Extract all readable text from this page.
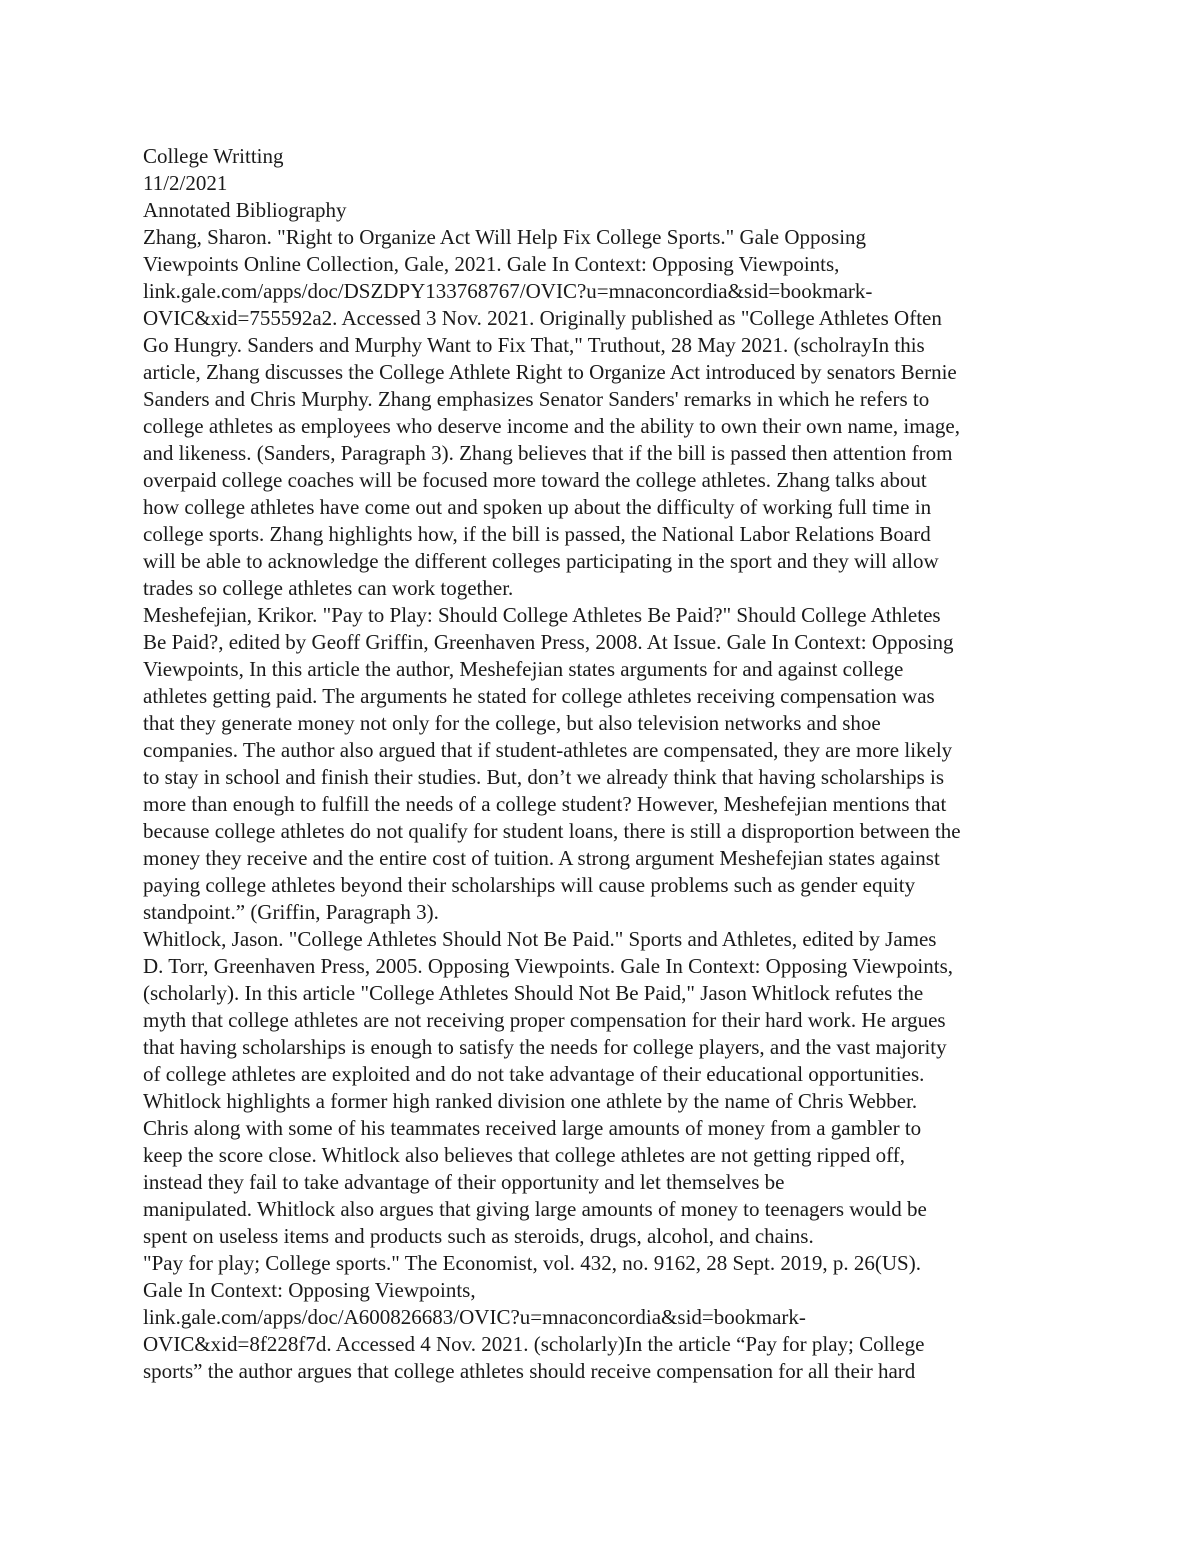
College Writting
11/2/2021
Annotated Bibliography
Zhang, Sharon. "Right to Organize Act Will Help Fix College Sports." Gale Opposing
Viewpoints Online Collection, Gale, 2021. Gale In Context: Opposing Viewpoints,
link.gale.com/apps/doc/DSZDPY133768767/OVIC?u=mnaconcordia&sid=bookmark-
OVIC&xid=755592a2. Accessed 3 Nov. 2021. Originally published as "College Athletes Often
Go Hungry. Sanders and Murphy Want to Fix That," Truthout, 28 May 2021. (scholrayIn this
article, Zhang discusses the College Athlete Right to Organize Act introduced by senators Bernie
Sanders and Chris Murphy. Zhang emphasizes Senator Sanders' remarks in which he refers to
college athletes as employees who deserve income and the ability to own their own name, image,
and likeness. (Sanders, Paragraph 3). Zhang believes that if the bill is passed then attention from
overpaid college coaches will be focused more toward the college athletes. Zhang talks about
how college athletes have come out and spoken up about the difficulty of working full time in
college sports. Zhang highlights how, if the bill is passed, the National Labor Relations Board
will be able to acknowledge the different colleges participating in the sport and they will allow
trades so college athletes can work together.
Meshefejian, Krikor. "Pay to Play: Should College Athletes Be Paid?" Should College Athletes
Be Paid?, edited by Geoff Griffin, Greenhaven Press, 2008. At Issue. Gale In Context: Opposing
Viewpoints, In this article the author, Meshefejian states arguments for and against college
athletes getting paid. The arguments he stated for college athletes receiving compensation was
that they generate money not only for the college, but also television networks and shoe
companies. The author also argued that if student-athletes are compensated, they are more likely
to stay in school and finish their studies. But, don’t we already think that having scholarships is
more than enough to fulfill the needs of a college student? However, Meshefejian mentions that
because college athletes do not qualify for student loans, there is still a disproportion between the
money they receive and the entire cost of tuition. A strong argument Meshefejian states against
paying college athletes beyond their scholarships will cause problems such as gender equity
standpoint.” (Griffin, Paragraph 3).
Whitlock, Jason. "College Athletes Should Not Be Paid." Sports and Athletes, edited by James
D. Torr, Greenhaven Press, 2005. Opposing Viewpoints. Gale In Context: Opposing Viewpoints,
(scholarly). In this article "College Athletes Should Not Be Paid," Jason Whitlock refutes the
myth that college athletes are not receiving proper compensation for their hard work. He argues
that having scholarships is enough to satisfy the needs for college players, and the vast majority
of college athletes are exploited and do not take advantage of their educational opportunities.
Whitlock highlights a former high ranked division one athlete by the name of Chris Webber.
Chris along with some of his teammates received large amounts of money from a gambler to
keep the score close. Whitlock also believes that college athletes are not getting ripped off,
instead they fail to take advantage of their opportunity and let themselves be
manipulated. Whitlock also argues that giving large amounts of money to teenagers would be
spent on useless items and products such as steroids, drugs, alcohol, and chains.
"Pay for play; College sports." The Economist, vol. 432, no. 9162, 28 Sept. 2019, p. 26(US).
Gale In Context: Opposing Viewpoints,
link.gale.com/apps/doc/A600826683/OVIC?u=mnaconcordia&sid=bookmark-
OVIC&xid=8f228f7d. Accessed 4 Nov. 2021. (scholarly)In the article “Pay for play; College
sports” the author argues that college athletes should receive compensation for all their hard
